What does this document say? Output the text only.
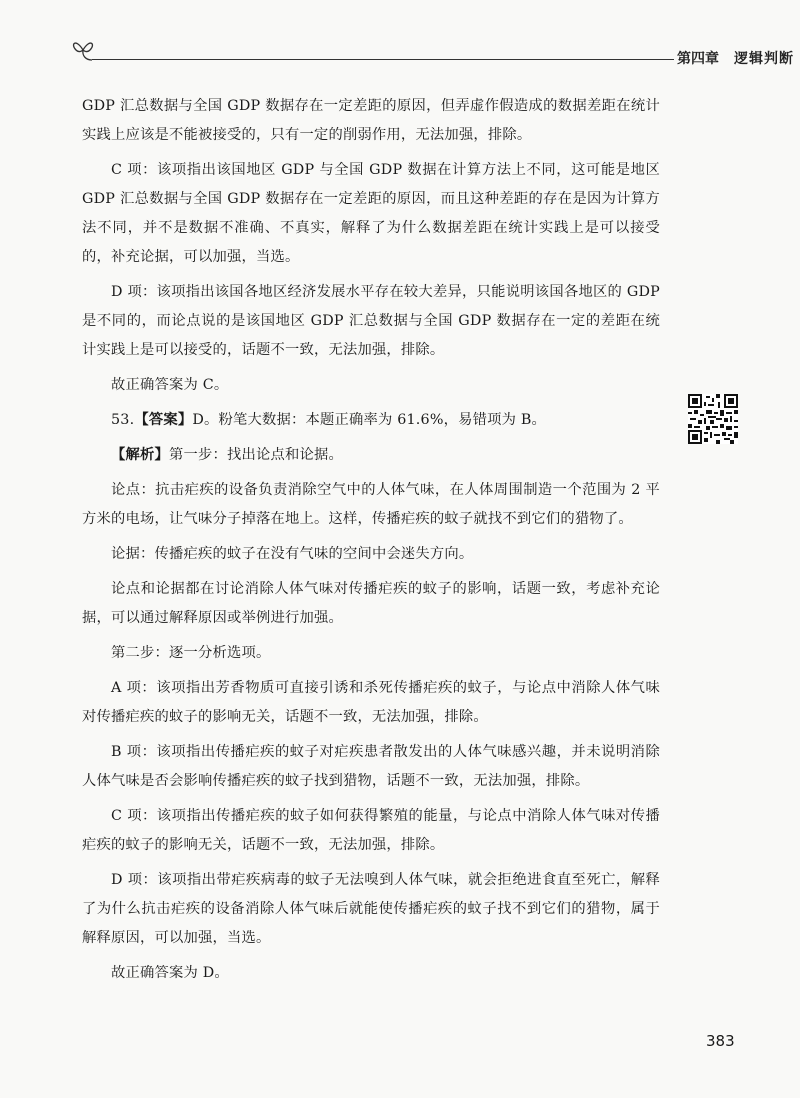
第四章 逻辑判断

GDP 汇总数据与全国 GDP 数据存在一定差距的原因，但弄虚作假造成的数据差距在统计实践上应该是不能被接受的，只有一定的削弱作用，无法加强，排除。

C 项：该项指出该国地区 GDP 与全国 GDP 数据在计算方法上不同，这可能是地区 GDP 汇总数据与全国 GDP 数据存在一定差距的原因，而且这种差距的存在是因为计算方法不同，并不是数据不准确、不真实，解释了为什么数据差距在统计实践上是可以接受的，补充论据，可以加强，当选。

D 项：该项指出该国各地区经济发展水平存在较大差异，只能说明该国各地区的 GDP 是不同的，而论点说的是该国地区 GDP 汇总数据与全国 GDP 数据存在一定的差距在统计实践上是可以接受的，话题不一致，无法加强，排除。

故正确答案为 C。

53.【答案】D。粉笔大数据：本题正确率为 61.6%，易错项为 B。

【解析】第一步：找出论点和论据。

论点：抗击疟疾的设备负责消除空气中的人体气味，在人体周围制造一个范围为 2 平方米的电场，让气味分子掉落在地上。这样，传播疟疾的蚊子就找不到它们的猎物了。

论据：传播疟疾的蚊子在没有气味的空间中会迷失方向。

论点和论据都在讨论消除人体气味对传播疟疾的蚊子的影响，话题一致，考虑补充论据，可以通过解释原因或举例进行加强。

第二步：逐一分析选项。

A 项：该项指出芳香物质可直接引诱和杀死传播疟疾的蚊子，与论点中消除人体气味对传播疟疾的蚊子的影响无关，话题不一致，无法加强，排除。

B 项：该项指出传播疟疾的蚊子对疟疾患者散发出的人体气味感兴趣，并未说明消除人体气味是否会影响传播疟疾的蚊子找到猎物，话题不一致，无法加强，排除。

C 项：该项指出传播疟疾的蚊子如何获得繁殖的能量，与论点中消除人体气味对传播疟疾的蚊子的影响无关，话题不一致，无法加强，排除。

D 项：该项指出带疟疾病毒的蚊子无法嗅到人体气味，就会拒绝进食直至死亡，解释了为什么抗击疟疾的设备消除人体气味后就能使传播疟疾的蚊子找不到它们的猎物，属于解释原因，可以加强，当选。

故正确答案为 D。

383
